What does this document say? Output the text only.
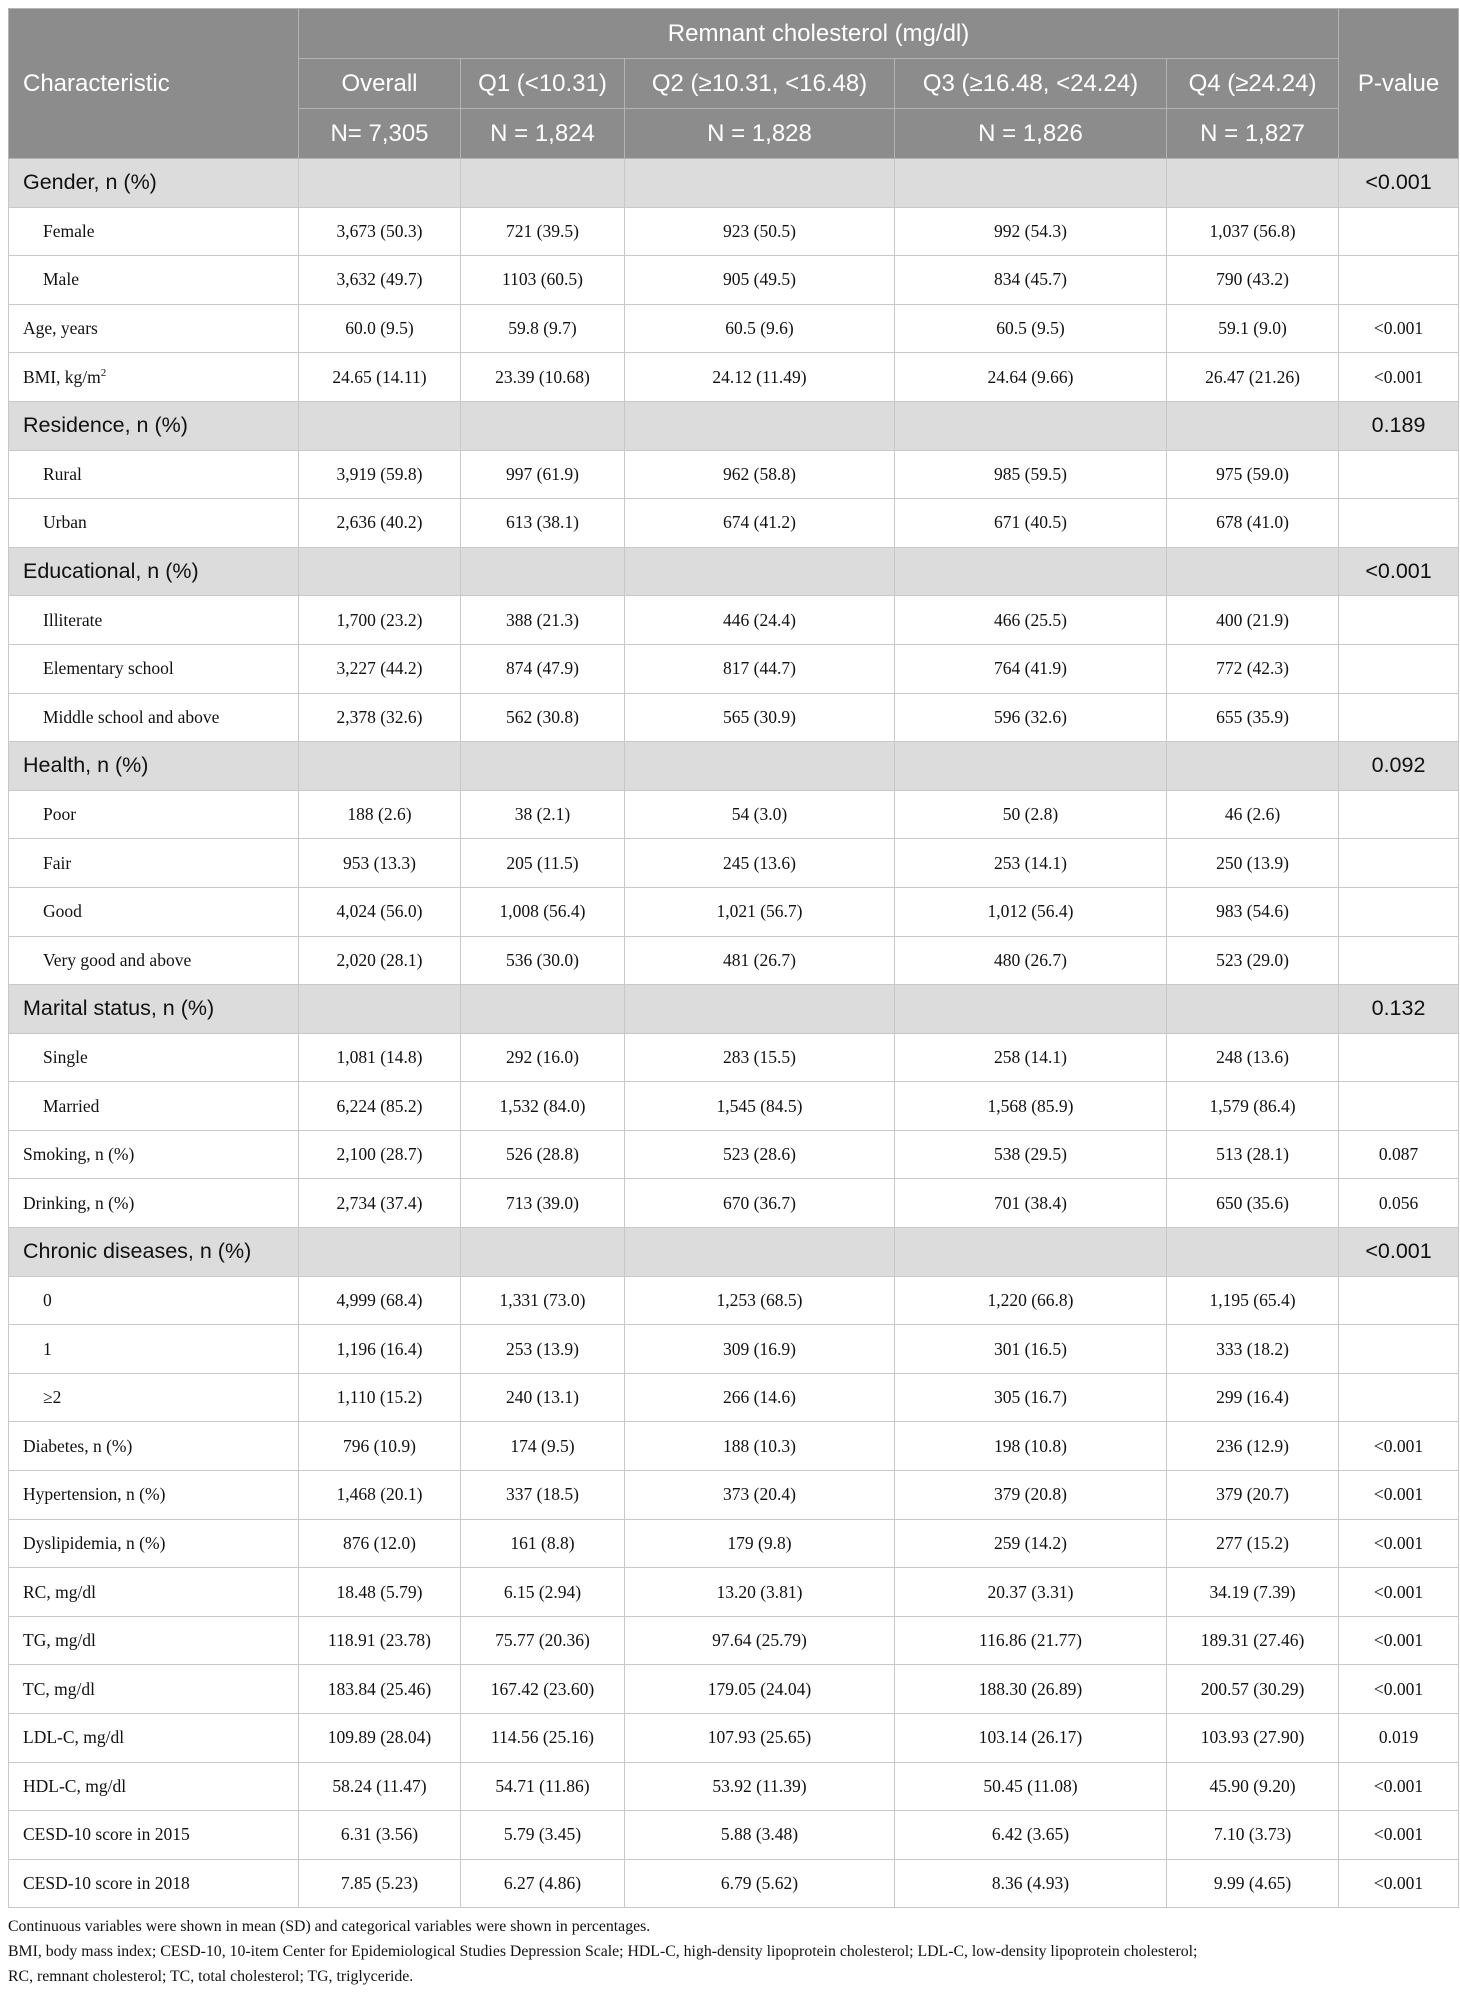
Characteristic	Remnant cholesterol (mg/dl)					P-value
	Overall	Q1 (<10.31)	Q2 (≥10.31, <16.48)	Q3 (≥16.48, <24.24)	Q4 (≥24.24)	
	N= 7,305	N = 1,824	N = 1,828	N = 1,826	N = 1,827	
Gender, n (%)						<0.001
Female	3,673 (50.3)	721 (39.5)	923 (50.5)	992 (54.3)	1,037 (56.8)	
Male	3,632 (49.7)	1103 (60.5)	905 (49.5)	834 (45.7)	790 (43.2)	
Age, years	60.0 (9.5)	59.8 (9.7)	60.5 (9.6)	60.5 (9.5)	59.1 (9.0)	<0.001
BMI, $kg/m^2$	24.65 (14.11)	23.39 (10.68)	24.12 (11.49)	24.64 (9.66)	26.47 (21.26)	<0.001
Residence, n (%)						0.189
Rural	3,919 (59.8)	997 (61.9)	962 (58.8)	985 (59.5)	975 (59.0)	
Urban	2,636 (40.2)	613 (38.1)	674 (41.2)	671 (40.5)	678 (41.0)	
Educational, n (%)						<0.001
Illiterate	1,700 (23.2)	388 (21.3)	446 (24.4)	466 (25.5)	400 (21.9)	
Elementary school	3,227 (44.2)	874 (47.9)	817 (44.7)	764 (41.9)	772 (42.3)	
Middle school and above	2,378 (32.6)	562 (30.8)	565 (30.9)	596 (32.6)	655 (35.9)	
Health, n (%)						0.092
Poor	188 (2.6)	38 (2.1)	54 (3.0)	50 (2.8)	46 (2.6)	
Fair	953 (13.3)	205 (11.5)	245 (13.6)	253 (14.1)	250 (13.9)	
Good	4,024 (56.0)	1,008 (56.4)	1,021 (56.7)	1,012 (56.4)	983 (54.6)	
Very good and above	2,020 (28.1)	536 (30.0)	481 (26.7)	480 (26.7)	523 (29.0)	
Marital status, n (%)						0.132
Single	1,081 (14.8)	292 (16.0)	283 (15.5)	258 (14.1)	248 (13.6)	
Married	6,224 (85.2)	1,532 (84.0)	1,545 (84.5)	1,568 (85.9)	1,579 (86.4)	
Smoking, n (%)	2,100 (28.7)	526 (28.8)	523 (28.6)	538 (29.5)	513 (28.1)	0.087
Drinking, n (%)	2,734 (37.4)	713 (39.0)	670 (36.7)	701 (38.4)	650 (35.6)	0.056
Chronic diseases, n (%)						<0.001
0	4,999 (68.4)	1,331 (73.0)	1,253 (68.5)	1,220 (66.8)	1,195 (65.4)	
1	1,196 (16.4)	253 (13.9)	309 (16.9)	301 (16.5)	333 (18.2)	
≥2	1,110 (15.2)	240 (13.1)	266 (14.6)	305 (16.7)	299 (16.4)	
Diabetes, n (%)	796 (10.9)	174 (9.5)	188 (10.3)	198 (10.8)	236 (12.9)	<0.001
Hypertension, n (%)	1,468 (20.1)	337 (18.5)	373 (20.4)	379 (20.8)	379 (20.7)	<0.001
Dyslipidemia, n (%)	876 (12.0)	161 (8.8)	179 (9.8)	259 (14.2)	277 (15.2)	<0.001
RC, mg/dl	18.48 (5.79)	6.15 (2.94)	13.20 (3.81)	20.37 (3.31)	34.19 (7.39)	<0.001
TG, mg/dl	118.91 (23.78)	75.77 (20.36)	97.64 (25.79)	116.86 (21.77)	189.31 (27.46)	<0.001
TC, mg/dl	183.84 (25.46)	167.42 (23.60)	179.05 (24.04)	188.30 (26.89)	200.57 (30.29)	<0.001
LDL-C, mg/dl	109.89 (28.04)	114.56 (25.16)	107.93 (25.65)	103.14 (26.17)	103.93 (27.90)	0.019
HDL-C, mg/dl	58.24 (11.47)	54.71 (11.86)	53.92 (11.39)	50.45 (11.08)	45.90 (9.20)	<0.001
CESD-10 score in 2015	6.31 (3.56)	5.79 (3.45)	5.88 (3.48)	6.42 (3.65)	7.10 (3.73)	<0.001
CESD-10 score in 2018	7.85 (5.23)	6.27 (4.86)	6.79 (5.62)	8.36 (4.93)	9.99 (4.65)	<0.001
Continuous variables were shown in mean (SD) and categorical variables were shown in percentages.
BMI, body mass index; CESD-10, 10-item Center for Epidemiological Studies Depression Scale; HDL-C, high-density lipoprotein cholesterol; LDL-C, low-density lipoprotein cholesterol;
RC, remnant cholesterol; TC, total cholesterol; TG, triglyceride.
